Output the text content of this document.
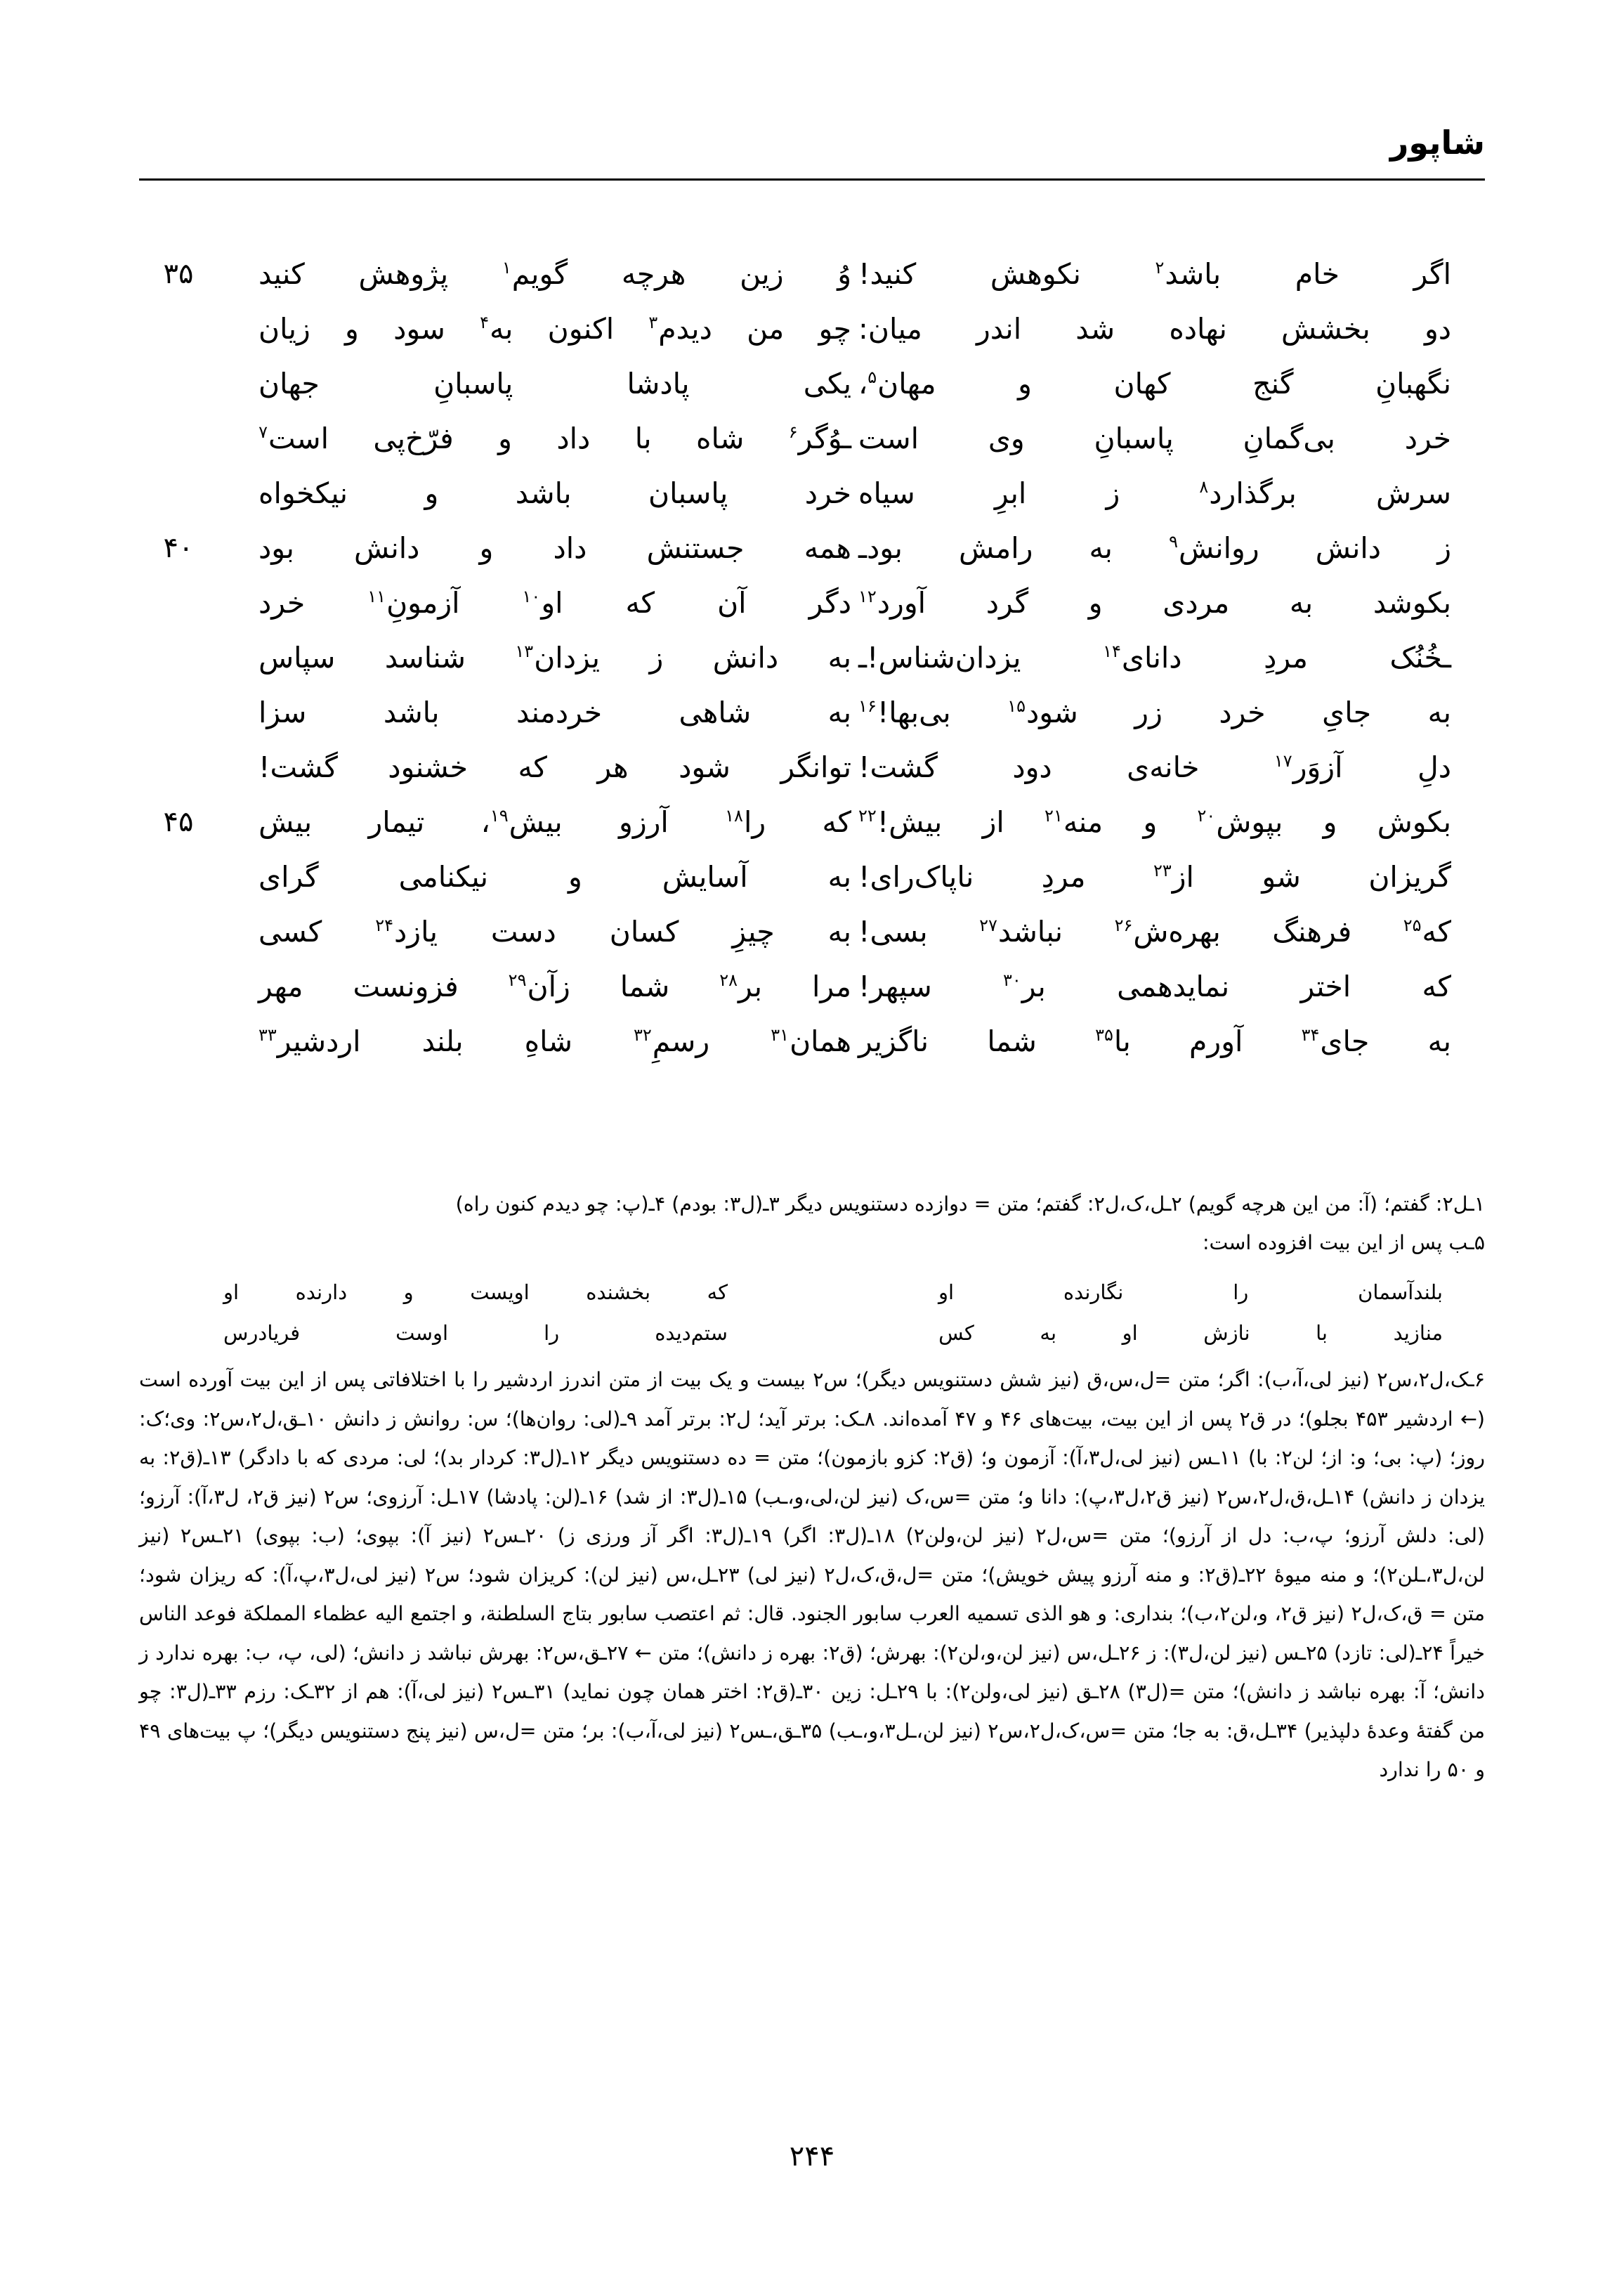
شاپور
اگر
خام
باشد$^۲$
نکوهش
کنید!
وُ
زین
هرچه
گویم$^۱$
پژوهش
کنید
۳۵
دو
بخشش
نهاده
شد
اندر
میان:
چو
من
دیدم$^۳$
اکنون
به$^۴$
سود
و
زیان
نگهبانِ
گنج
کهان
و
مهان$^۵$،
یکی
پادشا
پاسبانِ
جهان
خرد
بی‌گمانِ
پاسبانِ
وی
است
ـوُگر$^۶$
شاه
با
داد
و
فرّخ‌پی
است$^۷$
سرش
برگذارد$^۸$
ز
ابرِ
سیاه
خرد
پاسبان
باشد
و
نیکخواه
ز
دانش
روانش$^۹$
به
رامش
بودـ
همه
جستنش
داد
و
دانش
بود
۴۰
بکوشد
به
مردی
و
گرد
آورد$^{۱۲}$
دگر
آن
که
او$^{۱۰}$
آزمونِ$^{۱۱}$
خرد
ـخُنُک
مردِ
دانای$^{۱۴}$
یزدان‌شناس!ـ
به
دانش
ز
یزدان$^{۱۳}$
شناسد
سپاس
به
جایِ
خرد
زر
شود$^{۱۵}$
بی‌بها!$^{۱۶}$
به
شاهی
خردمند
باشد
سزا
دلِ
آزوَر$^{۱۷}$
خانه‌ی
دود
گشت!
توانگر
شود
هر
که
خشنود
گشت!
بکوش
و
بپوش$^{۲۰}$
و
منه$^{۲۱}$
از
بیش!$^{۲۲}$
که
را$^{۱۸}$
آرزو
بیش$^{۱۹}$،
تیمار
بیش
۴۵
گریزان
شو
از$^{۲۳}$
مردِ
ناپاک‌رای!
به
آسایش
و
نیکنامی
گرای
که$^{۲۵}$
فرهنگ
بهره‌ش$^{۲۶}$
نباشد$^{۲۷}$
بسی!
به
چیزِ
کسان
دست
یازد$^{۲۴}$
کسی
که
اختر
نمایدهمی
بر$^{۳۰}$
سپهر!
مرا
بر$^{۲۸}$
شما
زآن$^{۲۹}$
فزونست
مهر
به
جای$^{۳۴}$
آورم
با$^{۳۵}$
شما
ناگزیر
همان$^{۳۱}$
رسمِ$^{۳۲}$
شاهِ
بلند
اردشیر$^{۳۳}$

۱ـل۲: گفتم؛ (آ: من این هرچه گویم) ۲ـل،ک،ل۲: گفتم؛ متن = دوازده دستنویس دیگر ۳ـ(ل۳: بودم) ۴ـ(پ: چو دیدم کنون راه)

۵ـب پس از این بیت افزوده است:

بلندآسمان
را
نگارنده
او
که
بخشنده
اویست
و
دارنده
او
منازید
با
نازش
او
به
کس
ستم‌دیده
را
اوست
فریادرس

۶ـک،ل۲،س۲ (نیز لی،آ،ب): اگر؛ متن =ل،س،ق (نیز شش دستنویس دیگر)؛ س۲ بیست و یک بیت از متن اندرز اردشیر را با اختلافاتی پس از این بیت آورده است (← اردشیر ۴۵۳ بجلو)؛ در ق۲ پس از این بیت، بیت‌های ۴۶ و ۴۷ آمده‌اند. ۸ـک: برتر آید؛ ل۲: برتر آمد ۹ـ(لی: روان‌ها)؛ س: روانش ز دانش ۱۰ـق،ل۲،س۲: وی؛ک: روز؛ (پ: بی؛ و: از؛ لن۲: با) ۱۱ـس (نیز لی،ل۳،آ): آزمون و؛ (ق۲: کزو بازمون)؛ متن = ده دستنویس دیگر ۱۲ـ(ل۳: کردار بد)؛ لی: مردی که با دادگر) ۱۳ـ(ق۲: به یزدان ز دانش) ۱۴ـل،ق،ل۲،س۲ (نیز ق۲،ل۳،پ): دانا و؛ متن =س،ک (نیز لن،لی،و،ـب) ۱۵ـ(ل۳: از شد) ۱۶ـ(لن: پادشا) ۱۷ـل: آرزوی؛ س۲ (نیز ق۲، ل۳،آ): آرزو؛ (لی: دلش آرزو؛ پ،ب: دل از آرزو)؛ متن =س،ل۲ (نیز لن،ولن۲) ۱۸ـ(ل۳: اگر) ۱۹ـ(ل۳: اگر آز ورزی ز) ۲۰ـس۲ (نیز آ): بپوی؛ (ب: بپوی) ۲۱ـس۲ (نیز لن،ل۳،ـلن۲)؛ و منه میوهٔ ۲۲ـ(ق۲: و منه آرزو پیش خویش)؛ متن =ل،ق،ک،ل۲ (نیز لی) ۲۳ـل،س (نیز لن): کریزان شود؛ س۲ (نیز لی،ل۳،پ،آ): که ریزان شود؛ متن = ق،ک،ل۲ (نیز ق۲، و،لن۲،ب)؛ بنداری: و هو الذی تسمیه العرب سابور الجنود. قال: ثم اعتصب سابور بتاج السلطنة، و اجتمع الیه عظماء المملکة فوعد الناس خیراً ۲۴ـ(لی: تازد) ۲۵ـس (نیز لن،ل۳): ز ۲۶ـل،س (نیز لن،و،لن۲): بهرش؛ (ق۲: بهره ز دانش)؛ متن ← ۲۷ـق،س۲: بهرش نباشد ز دانش؛ (لی، پ، ب: بهره ندارد ز دانش؛ آ: بهره نباشد ز دانش)؛ متن =(ل۳) ۲۸ـق (نیز لی،ولن۲): با ۲۹ـل: زین ۳۰ـ(ق۲: اختر همان چون نماید) ۳۱ـس۲ (نیز لی،آ): هم از ۳۲ـک: رزم ۳۳ـ(ل۳: چو من گفتهٔ وعدهٔ دلپذیر) ۳۴ـل،ق: به جا؛ متن =س،ک،ل۲،س۲ (نیز لن،ـل۳،و،ـب) ۳۵ـق،ـس۲ (نیز لی،آ،ب): بر؛ متن =ل،س (نیز پنج دستنویس دیگر)؛ پ بیت‌های ۴۹ و ۵۰ را ندارد

۲۴۴
